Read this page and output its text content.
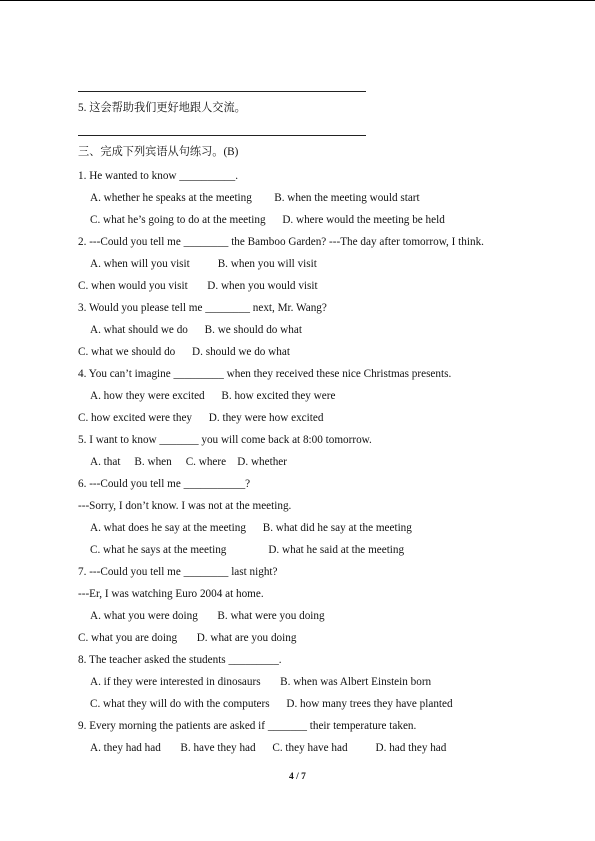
5. 这会帮助我们更好地跟人交流。
三、完成下列宾语从句练习。(B)
1. He wanted to know __________.
A. whether he speaks at the meeting        B. when the meeting would start
C. what he’s going to do at the meeting      D. where would the meeting be held
2. ---Could you tell me ________ the Bamboo Garden? ---The day after tomorrow, I think.
A. when will you visit          B. when you will visit
C. when would you visit       D. when you would visit
3. Would you please tell me ________ next, Mr. Wang?
A. what should we do      B. we should do what
C. what we should do      D. should we do what
4. You can’t imagine _________ when they received these nice Christmas presents.
A. how they were excited      B. how excited they were
C. how excited were they      D. they were how excited
5. I want to know _______ you will come back at 8:00 tomorrow.
A. that     B. when     C. where    D. whether
6. ---Could you tell me ___________?
---Sorry, I don’t know. I was not at the meeting.
A. what does he say at the meeting      B. what did he say at the meeting
C. what he says at the meeting               D. what he said at the meeting
7. ---Could you tell me ________ last night?
---Er, I was watching Euro 2004 at home.
A. what you were doing       B. what were you doing
C. what you are doing       D. what are you doing
8. The teacher asked the students _________.
A. if they were interested in dinosaurs       B. when was Albert Einstein born
C. what they will do with the computers      D. how many trees they have planted
9. Every morning the patients are asked if _______ their temperature taken.
A. they had had       B. have they had      C. they have had          D. had they had
4 / 7
